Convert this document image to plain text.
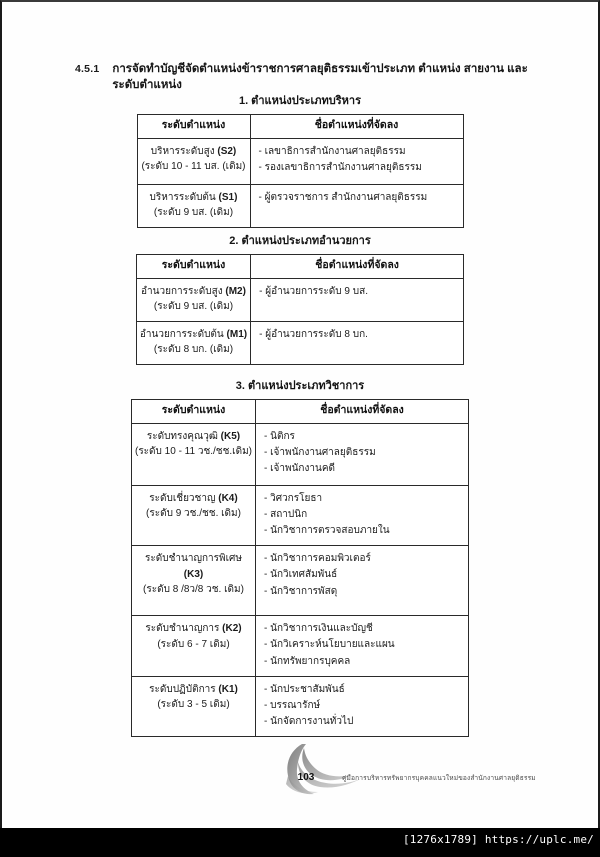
4.5.1 การจัดทำบัญชีจัดตำแหน่งข้าราชการศาลยุติธรรมเข้าประเภท ตำแหน่ง สายงาน และระดับตำแหน่ง
1. ตำแหน่งประเภทบริหาร
ระดับตำแหน่ง	ชื่อตำแหน่งที่จัดลง

บริหารระดับสูง (S2)
(ระดับ 10 - 11 บส. (เดิม)	- เลขาธิการสำนักงานศาลยุติธรรม
- รองเลขาธิการสำนักงานศาลยุติธรรม

บริหารระดับต้น (S1)
(ระดับ 9 บส. (เดิม)	- ผู้ตรวจราชการ สำนักงานศาลยุติธรรม
2. ตำแหน่งประเภทอำนวยการ
ระดับตำแหน่ง	ชื่อตำแหน่งที่จัดลง

อำนวยการระดับสูง (M2)
(ระดับ 9 บส. (เดิม)	- ผู้อำนวยการระดับ 9 บส.

อำนวยการระดับต้น (M1)
(ระดับ 8 บก. (เดิม)	- ผู้อำนวยการระดับ 8 บก.
3. ตำแหน่งประเภทวิชาการ
ระดับตำแหน่ง	ชื่อตำแหน่งที่จัดลง

ระดับทรงคุณวุฒิ (K5)
(ระดับ 10 - 11 วช./ชช.เดิม)	- นิติกร
- เจ้าพนักงานศาลยุติธรรม
- เจ้าพนักงานคดี

ระดับเชี่ยวชาญ (K4)
(ระดับ 9 วช./ชช. เดิม)	- วิศวกรโยธา
- สถาปนิก
- นักวิชาการตรวจสอบภายใน

ระดับชำนาญการพิเศษ
(K3)
(ระดับ 8 /8ว/8 วช. เดิม)	- นักวิชาการคอมพิวเตอร์
- นักวิเทศสัมพันธ์
- นักวิชาการพัสดุ

ระดับชำนาญการ (K2)
(ระดับ 6 - 7 เดิม)	- นักวิชาการเงินและบัญชี
- นักวิเคราะห์นโยบายและแผน
- นักทรัพยากรบุคคล

ระดับปฏิบัติการ (K1)
(ระดับ 3 - 5 เดิม)	- นักประชาสัมพันธ์
- บรรณารักษ์
- นักจัดการงานทั่วไป
103	คู่มือการบริหารทรัพยากรบุคคลแนวใหม่ของสำนักงานศาลยุติธรรม
[1276x1789] https://uplc.me/
